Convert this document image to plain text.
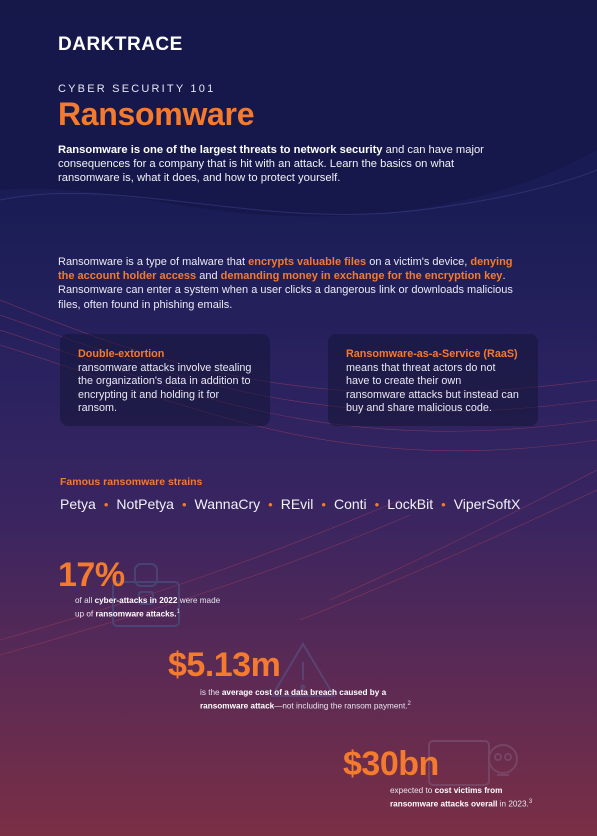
DARKTRACE
CYBER SECURITY 101
Ransomware
Ransomware is one of the largest threats to network security and can have major consequences for a company that is hit with an attack. Learn the basics on what ransomware is, what it does, and how to protect yourself.
Ransomware is a type of malware that encrypts valuable files on a victim's device, denying the account holder access and demanding money in exchange for the encryption key. Ransomware can enter a system when a user clicks a dangerous link or downloads malicious files, often found in phishing emails.
Double-extortion
ransomware attacks involve stealing the organization's data in addition to encrypting it and holding it for ransom.
Ransomware-as-a-Service (RaaS)
means that threat actors do not have to create their own ransomware attacks but instead can buy and share malicious code.
Famous ransomware strains
Petya • NotPetya • WannaCry • REvil • Conti • LockBit • ViperSoftX
17%
of all cyber-attacks in 2022 were made up of ransomware attacks.$^1$
$5.13m
is the average cost of a data breach caused by a ransomware attack—not including the ransom payment.$^2$
$30bn
expected to cost victims from ransomware attacks overall in 2023.$^3$
